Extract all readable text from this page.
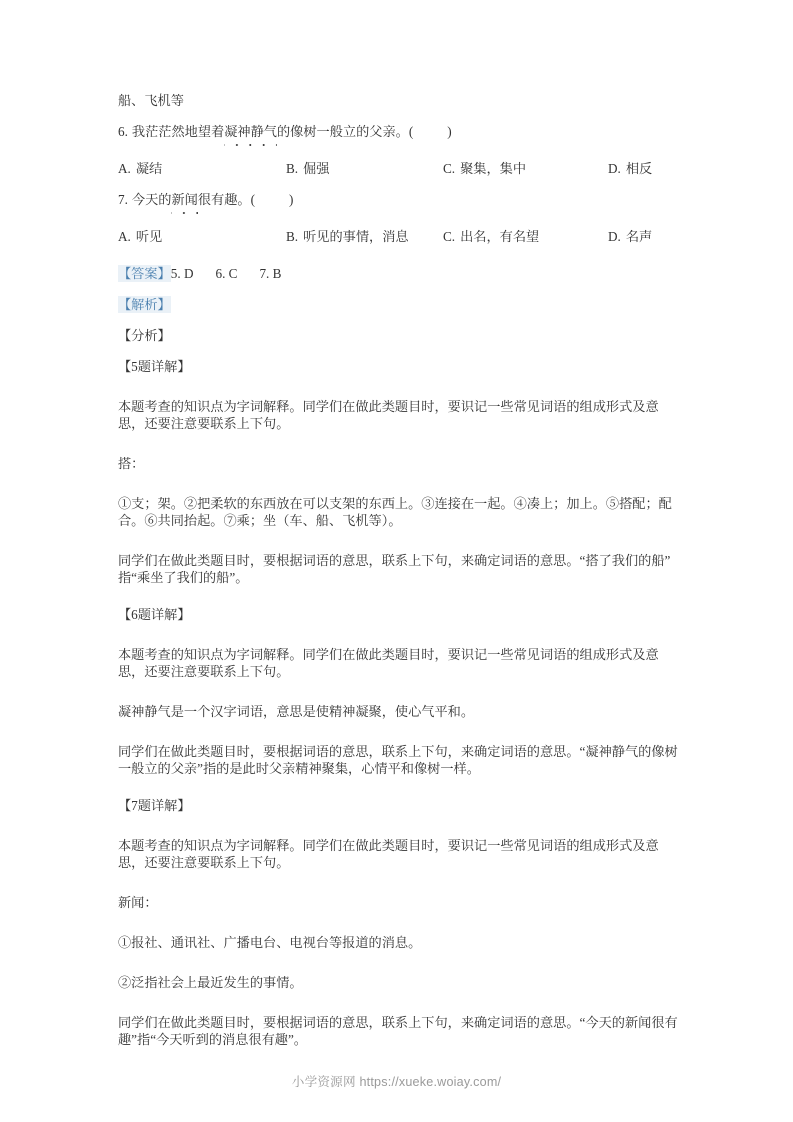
船、飞机等
6. 我茫茫然地望着凝神静气的像树一般立的父亲。(	)
A. 凝结	B. 倔强	C. 聚集，集中	D. 相反
7. 今天的新闻很有趣。(	)
A. 听见	B. 听见的事情，消息	C. 出名，有名望	D. 名声
【答案】5. D 6. C 7. B
【解析】
【分析】
【5题详解】
本题考查的知识点为字词解释。同学们在做此类题目时，要识记一些常见词语的组成形式及意思，还要注意要联系上下句。
搭：
①支；架。②把柔软的东西放在可以支架的东西上。③连接在一起。④凑上；加上。⑤搭配；配合。⑥共同抬起。⑦乘；坐（车、船、飞机等）。
同学们在做此类题目时，要根据词语的意思，联系上下句，来确定词语的意思。“搭了我们的船”指“乘坐了我们的船”。
【6题详解】
本题考查的知识点为字词解释。同学们在做此类题目时，要识记一些常见词语的组成形式及意思，还要注意要联系上下句。
凝神静气是一个汉字词语，意思是使精神凝聚，使心气平和。
同学们在做此类题目时，要根据词语的意思，联系上下句，来确定词语的意思。“凝神静气的像树一般立的父亲”指的是此时父亲精神聚集，心情平和像树一样。
【7题详解】
本题考查的知识点为字词解释。同学们在做此类题目时，要识记一些常见词语的组成形式及意思，还要注意要联系上下句。
新闻：
①报社、通讯社、广播电台、电视台等报道的消息。
②泛指社会上最近发生的事情。
同学们在做此类题目时，要根据词语的意思，联系上下句，来确定词语的意思。“今天的新闻很有趣”指“今天听到的消息很有趣”。
小学资源网 https://xueke.woiay.com/
